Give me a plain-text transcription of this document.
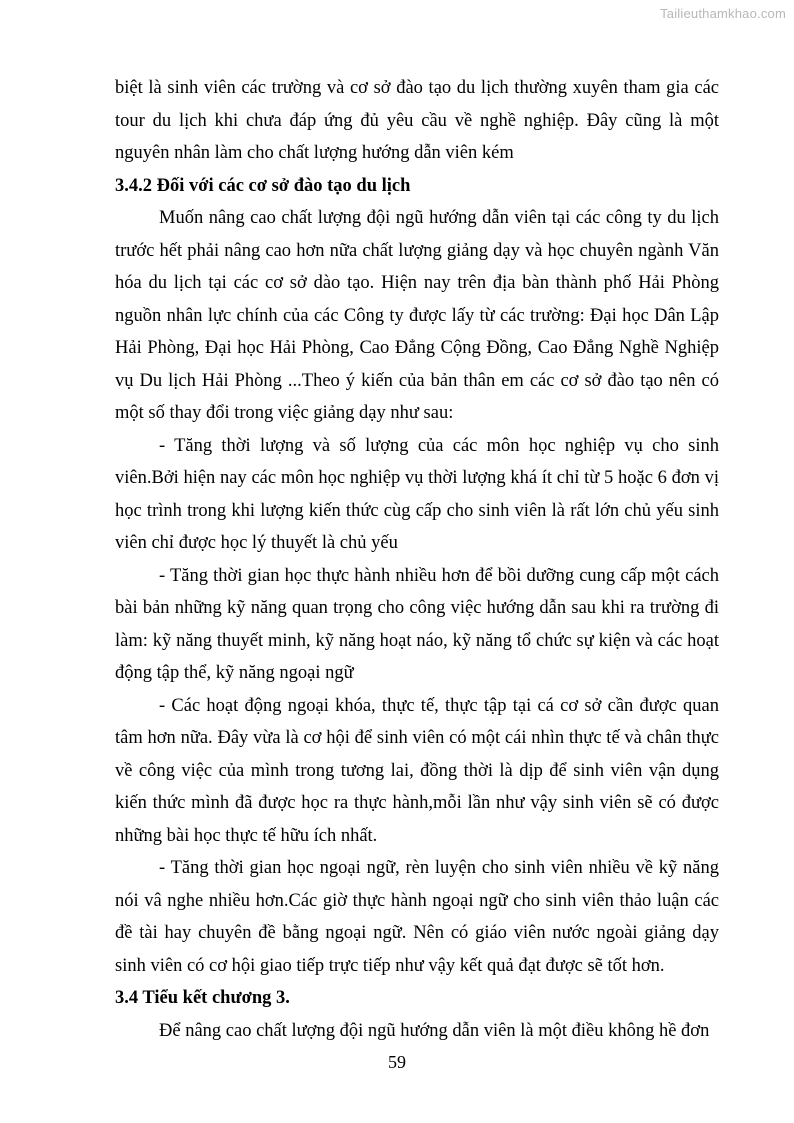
Tailieuthamkhao.com

biệt là sinh viên các trường và cơ sở đào tạo du lịch thường xuyên tham gia các tour du lịch khi chưa đáp ứng đủ yêu cầu về nghề nghiệp. Đây cũng là một nguyên nhân làm cho chất lượng hướng dẫn viên kém

3.4.2 Đối với các cơ sở đào tạo du lịch

Muốn nâng cao chất lượng đội ngũ hướng dẫn viên tại các công ty du lịch trước hết phải nâng cao hơn nữa chất lượng giảng dạy và học chuyên ngành Văn hóa du lịch tại các cơ sở dào tạo. Hiện nay trên địa bàn thành phố Hải Phòng nguồn nhân lực chính của các Công ty được lấy từ các trường: Đại học Dân Lập Hải Phòng, Đại học Hải Phòng, Cao Đẳng Cộng Đồng, Cao Đẳng Nghề Nghiệp vụ Du lịch Hải Phòng ...Theo ý kiến của bản thân em các cơ sở đào tạo nên có một số thay đổi trong việc giảng dạy như sau:

- Tăng thời lượng và số lượng của các môn học nghiệp vụ cho sinh viên.Bởi hiện nay các môn học nghiệp vụ thời lượng khá ít chỉ từ 5 hoặc 6 đơn vị học trình trong khi lượng kiến thức cùg cấp cho sinh viên là rất lớn chủ yếu sinh viên chỉ được học lý thuyết là chủ yếu

- Tăng thời gian học thực hành nhiều hơn để bồi dưỡng cung cấp một cách bài bản những kỹ năng quan trọng cho công việc hướng dẫn sau khi ra trường đi làm: kỹ năng thuyết minh, kỹ năng hoạt náo, kỹ năng tổ chức sự kiện và các hoạt động tập thể, kỹ năng ngoại ngữ

- Các hoạt động ngoại khóa, thực tế, thực tập tại cá cơ sở cần được quan tâm hơn nữa. Đây vừa là cơ hội để sinh viên có một cái nhìn thực tế và chân thực về công việc của mình trong tương lai, đồng thời là dịp để sinh viên vận dụng kiến thức mình đã được học ra thực hành,mỗi lần như vậy sinh viên sẽ có được những bài học thực tế hữu ích nhất.

- Tăng thời gian học ngoại ngữ, rèn luyện cho sinh viên nhiều về kỹ năng nói vâ nghe nhiều hơn.Các giờ thực hành ngoại ngữ cho sinh viên thảo luận các đề tài hay chuyên đề bằng ngoại ngữ. Nên có giáo viên nước ngoài giảng dạy sinh viên có cơ hội giao tiếp trực tiếp như vậy kết quả đạt được sẽ tốt hơn.

3.4 Tiểu kết chương 3.

Để nâng cao chất lượng đội ngũ hướng dẫn viên là một điều không hề đơn

59
